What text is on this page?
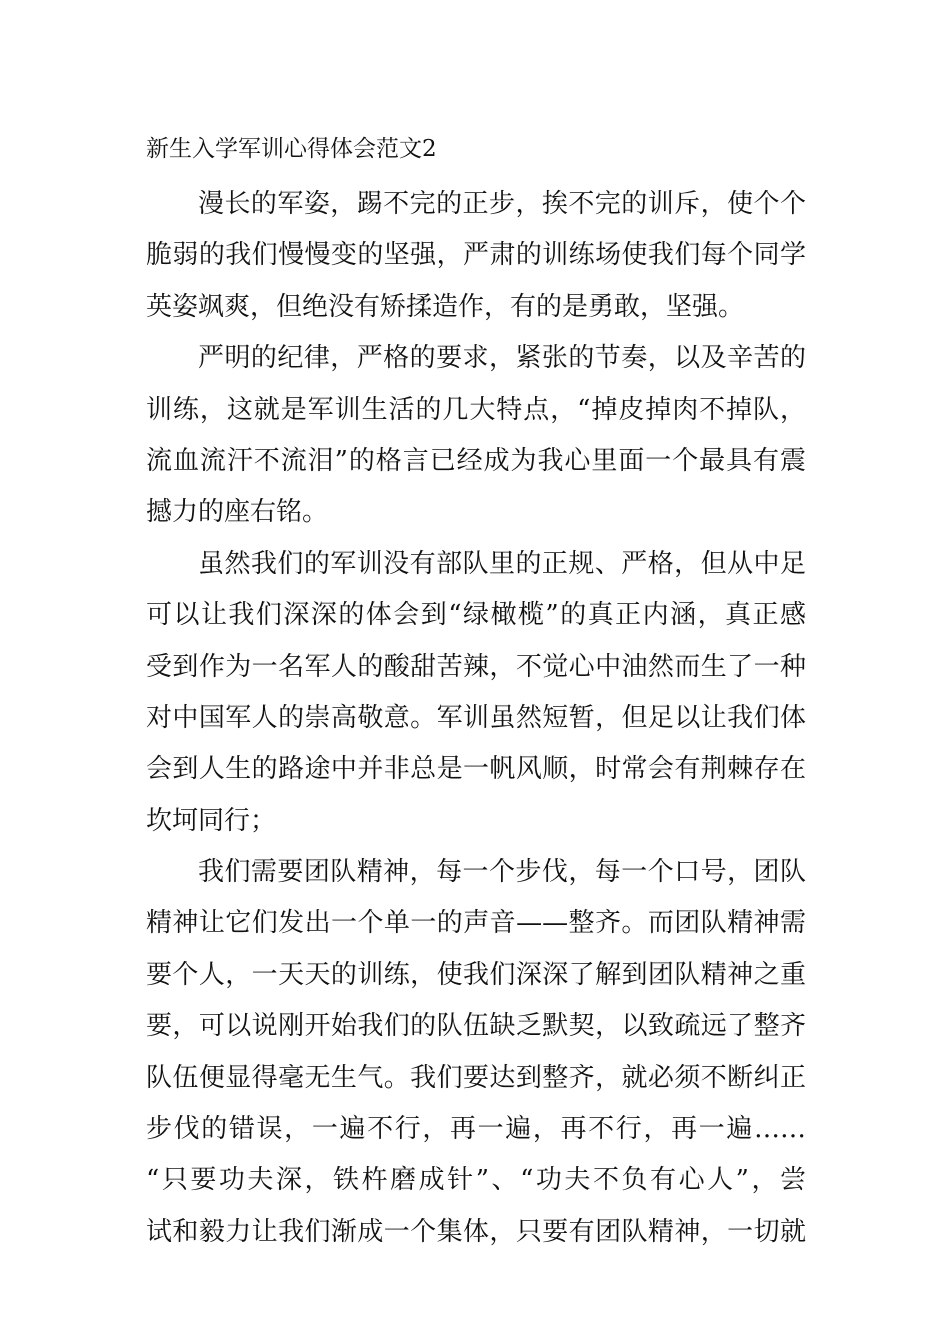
新生入学军训心得体会范文2
漫长的军姿，踢不完的正步，挨不完的训斥，使个个
脆弱的我们慢慢变的坚强，严肃的训练场使我们每个同学
英姿飒爽，但绝没有矫揉造作，有的是勇敢，坚强。
严明的纪律，严格的要求，紧张的节奏，以及辛苦的
训练，这就是军训生活的几大特点，“掉皮掉肉不掉队，
流血流汗不流泪”的格言已经成为我心里面一个最具有震
撼力的座右铭。
虽然我们的军训没有部队里的正规、严格，但从中足
可以让我们深深的体会到“绿橄榄”的真正内涵，真正感
受到作为一名军人的酸甜苦辣，不觉心中油然而生了一种
对中国军人的崇高敬意。军训虽然短暂，但足以让我们体
会到人生的路途中并非总是一帆风顺，时常会有荆棘存在
坎坷同行；
我们需要团队精神，每一个步伐，每一个口号，团队
精神让它们发出一个单一的声音——整齐。而团队精神需
要个人，一天天的训练，使我们深深了解到团队精神之重
要，可以说刚开始我们的队伍缺乏默契，以致疏远了整齐
队伍便显得毫无生气。我们要达到整齐，就必须不断纠正
步伐的错误，一遍不行，再一遍，再不行，再一遍……
“只要功夫深，铁杵磨成针”、“功夫不负有心人”，尝
试和毅力让我们渐成一个集体，只要有团队精神，一切就
